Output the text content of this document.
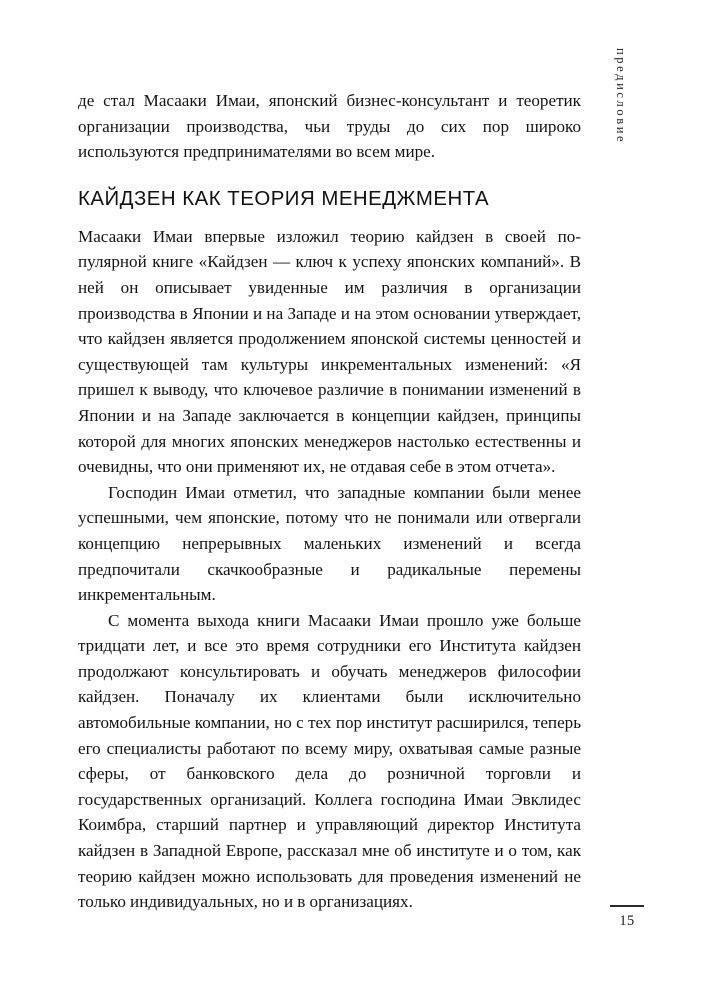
предисловие

де стал Масааки Имаи, японский бизнес-консультант и теоретик организации производства, чьи труды до сих пор широко используются предпринимателями во всем мире.

КАЙДЗЕН КАК ТЕОРИЯ МЕНЕДЖМЕНТА

Масааки Имаи впервые изложил теорию кайдзен в своей популярной книге «Кайдзен — ключ к успеху японских компаний». В ней он описывает увиденные им различия в организации производства в Японии и на Западе и на этом основании утверждает, что кайдзен является продолжением японской системы ценностей и существующей там культуры инкрементальных изменений: «Я пришел к выводу, что ключевое различие в понимании изменений в Японии и на Западе заключается в концепции кайдзен, принципы которой для многих японских менеджеров настолько естественны и очевидны, что они применяют их, не отдавая себе в этом отчета».

Господин Имаи отметил, что западные компании были менее успешными, чем японские, потому что не понимали или отвергали концепцию непрерывных маленьких изменений и всегда предпочитали скачкообразные и радикальные перемены инкрементальным.

С момента выхода книги Масааки Имаи прошло уже больше тридцати лет, и все это время сотрудники его Института кайдзен продолжают консультировать и обучать менеджеров философии кайдзен. Поначалу их клиентами были исключительно автомобильные компании, но с тех пор институт расширился, теперь его специалисты работают по всему миру, охватывая самые разные сферы, от банковского дела до розничной торговли и государственных организаций. Коллега господина Имаи Эвклидес Коимбра, старший партнер и управляющий директор Института кайдзен в Западной Европе, рассказал мне об институте и о том, как теорию кайдзен можно использовать для проведения изменений не только индивидуальных, но и в организациях.

15
